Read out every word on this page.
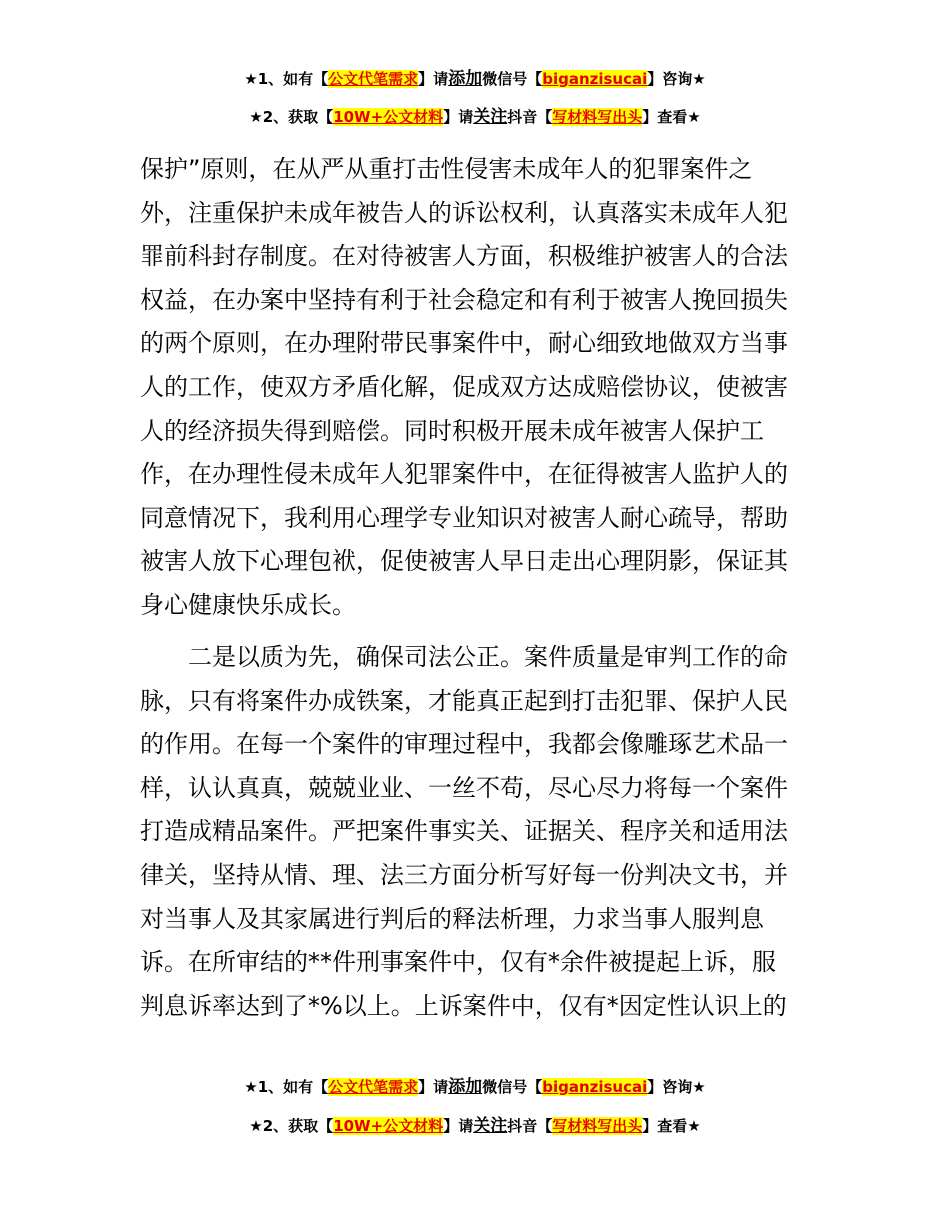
★1、如有【公文代笔需求】请添加微信号【biganzisucai】咨询★
★2、获取【10W+公文材料】请关注抖音【写材料写出头】查看★
保护”原则，在从严从重打击性侵害未成年人的犯罪案件之
外，注重保护未成年被告人的诉讼权利，认真落实未成年人犯
罪前科封存制度。在对待被害人方面，积极维护被害人的合法
权益，在办案中坚持有利于社会稳定和有利于被害人挽回损失
的两个原则，在办理附带民事案件中，耐心细致地做双方当事
人的工作，使双方矛盾化解，促成双方达成赔偿协议，使被害
人的经济损失得到赔偿。同时积极开展未成年被害人保护工
作，在办理性侵未成年人犯罪案件中，在征得被害人监护人的
同意情况下，我利用心理学专业知识对被害人耐心疏导，帮助
被害人放下心理包袱，促使被害人早日走出心理阴影，保证其
身心健康快乐成长。
二是以质为先，确保司法公正。案件质量是审判工作的命
脉，只有将案件办成铁案，才能真正起到打击犯罪、保护人民
的作用。在每一个案件的审理过程中，我都会像雕琢艺术品一
样，认认真真，兢兢业业、一丝不苟，尽心尽力将每一个案件
打造成精品案件。严把案件事实关、证据关、程序关和适用法
律关，坚持从情、理、法三方面分析写好每一份判决文书，并
对当事人及其家属进行判后的释法析理，力求当事人服判息
诉。在所审结的**件刑事案件中，仅有*余件被提起上诉，服
判息诉率达到了*%以上。上诉案件中，仅有*因定性认识上的
★1、如有【公文代笔需求】请添加微信号【biganzisucai】咨询★
★2、获取【10W+公文材料】请关注抖音【写材料写出头】查看★
